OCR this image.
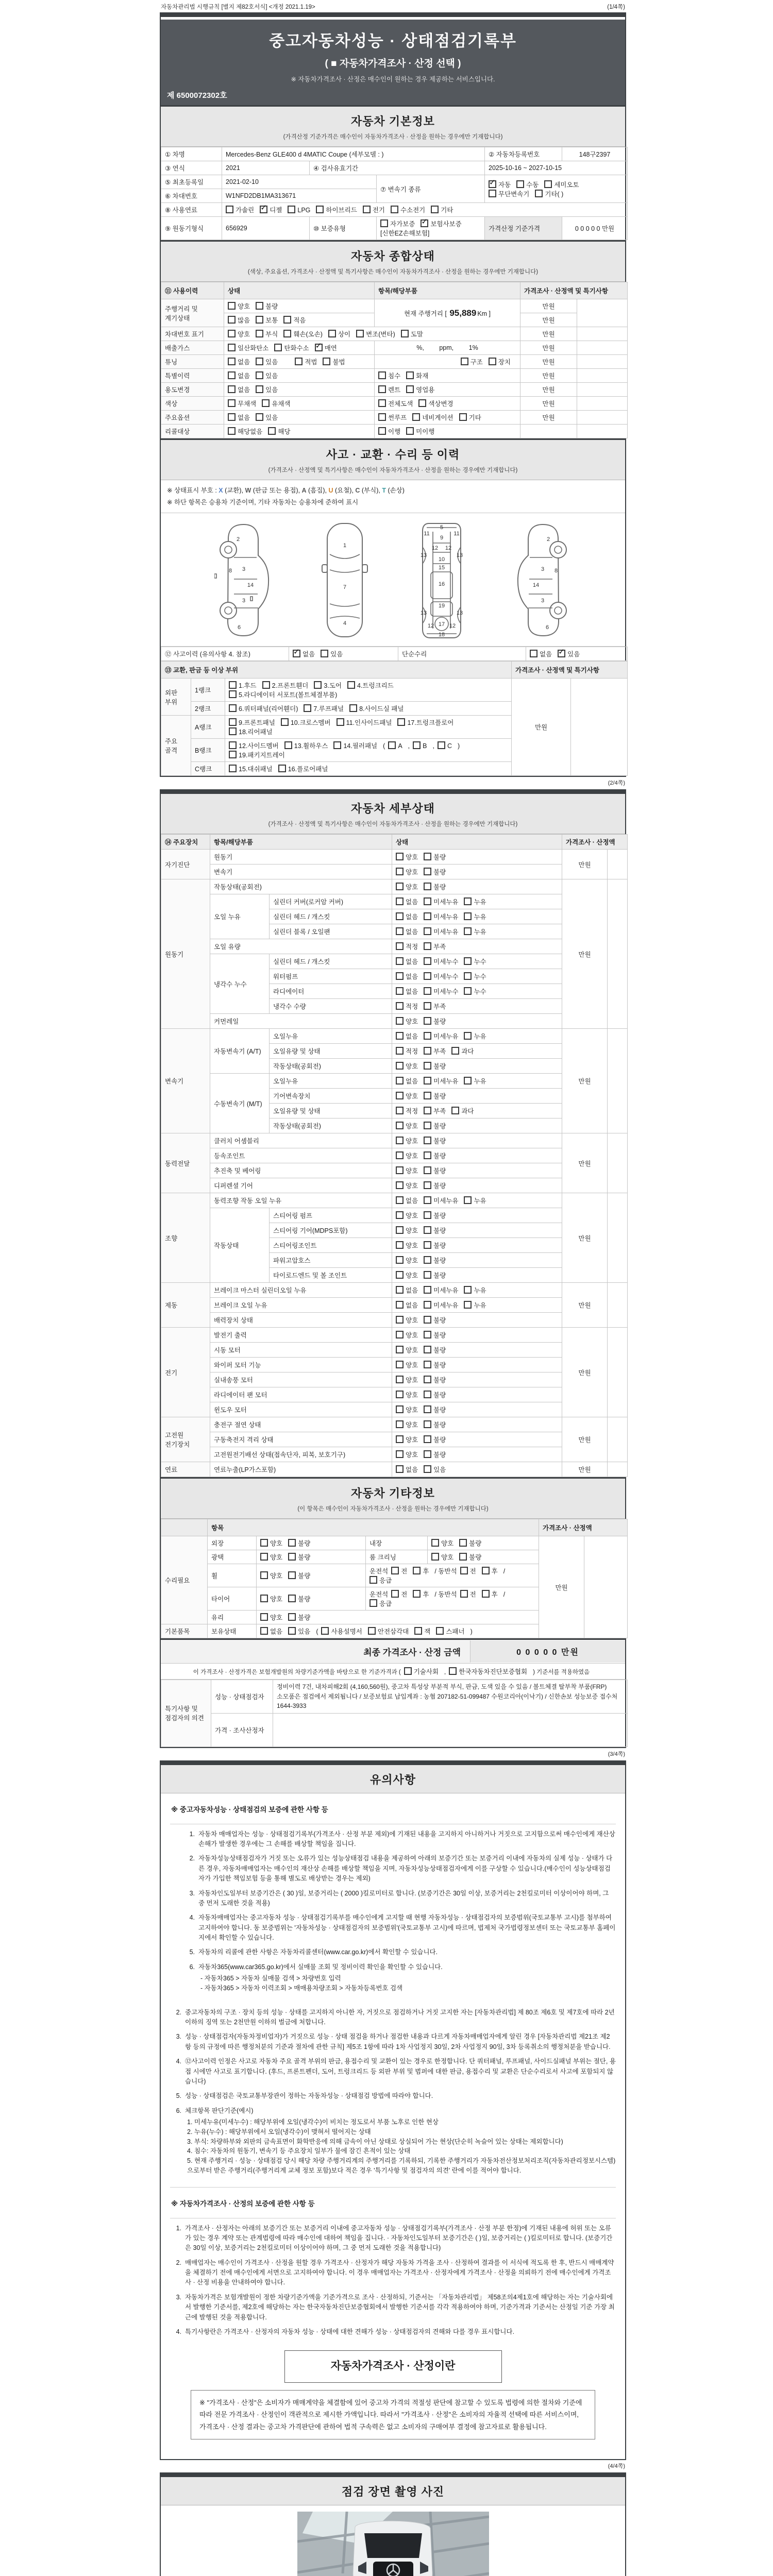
자동차관리법 시행규칙 [별지 제82호서식] <개정 2021.1.19>	(1/4쪽)
중고자동차성능 · 상태점검기록부
( ■ 자동차가격조사 · 산정 선택 )
※ 자동차가격조사 · 산정은 매수인이 원하는 경우 제공하는 서비스입니다.
제 6500072302호
자동차 기본정보
(가격산정 기준가격은 매수인이 자동차가격조사 · 산정을 원하는 경우에만 기재합니다)
① 차명	Mercedes-Benz GLE400 d 4MATIC Coupe (세부모델 : )			② 자동차등록번호	148구2397
③ 연식	2021	④ 검사유효기간		2025-10-16 ~ 2027-10-15	
⑤ 최초등록일	2021-02-10		⑦ 변속기 종류	✓자동 수동 세미오토
무단변속기 기타( )
⑥ 차대번호	W1NFD2DB1MA313671				
⑧ 사용연료	가솔린 ✓ 디젤 LPG 하이브리드 전기 수소전기 기타
⑨ 원동기형식	656929	⑩ 보증유형	자가보증 ✓ 보험사보증[신한EZ손해보험]	가격산정 기준가격	0 0 0 0 0 만원
자동차 종합상태
(색상, 주요옵션, 가격조사 · 산정액 및 특기사항은 매수인이 자동차가격조사 · 산정을 원하는 경우에만 기재합니다)
⑪ 사용이력	상태	항목/해당부품	가격조사 · 산정액 및 특기사항	
주행거리 및 계기상태	양호 불량	현재 주행거리 [ 95,889 Km ]	만원	
	많음 보통 적음		만원	
차대번호 표기	양호 부식 훼손(오손) 상이 변조(변타) 도말		만원	
배출가스	일산화탄소 탄화수소 ✓ 매연	%, ppm, 1%	만원	
튜닝	없음 있음 적법 불법	구조 장치	만원	
특별이력	없음 있음	침수 화재	만원	
용도변경	없음 있음	렌트 영업용	만원	
색상	무채색 유채색	전체도색 색상변경	만원	
주요옵션	없음 있음	썬루프 네비게이션 기타	만원	
리콜대상	해당없음 해당	이행 미이행		
사고 · 교환 · 수리 등 이력
(가격조사 · 산정액 및 특기사항은 매수인이 자동차가격조사 · 산정을 원하는 경우에만 기재합니다)
※ 상태표시 부호 : X (교환), W (판금 또는 용접), A (흠집), U (요철), C (부식), T (손상)
※ 하단 항목은 승용차 기준이며, 기타 자동차는 승용차에 준하여 표시
2
8 3
14
3
6
1
7
4
5
9
11	11
12 12
13	13
10
15
16
19
13	13
12	12
17
18
2
3 8
14
3
6
⑫ 사고이력 (유의사항 4. 참조)	✓없음 있음	단순수리	없음 ✓ 있음
⑬ 교환, 판금 등 이상 부위			가격조사 · 산정액 및 특기사항	
외판 부위	1랭크	1.후드 2.프론트휀더 3.도어 4.트렁크리드
5.라디에이터 서포트(볼트체결부품)	만원	
	2랭크	6.쿼터패널(리어휀더) 7.루프패널 8.사이드실 패널		
주요 골격	A랭크	9.프론트패널 10.크로스멤버 11.인사이드패널 17.트렁크플로어
18.리어패널		
	B랭크	12.사이드멤버 13.휠하우스 14.필러패널 ( A , B , C )
19.패키지트레이		
	C랭크	15.대쉬패널 16.플로어패널		
(2/4쪽)
자동차 세부상태
(가격조사 · 산정액 및 특기사항은 매수인이 자동차가격조사 · 산정을 원하는 경우에만 기재합니다)
⑭ 주요장치	항목/해당부품		상태	가격조사 · 산정액	
자기진단	원동기		양호 불량	만원	
	변속기		양호 불량		
원동기	작동상태(공회전)		양호 불량	만원	
	오일 누유	실린더 커버(로커암 커버)	없음 미세누유 누유		
		실린더 헤드 / 개스킷	없음 미세누유 누유		
		실린더 블록 / 오일팬	없음 미세누유 누유		
	오일 유량		적정 부족		
	냉각수 누수	실린더 헤드 / 개스킷	없음 미세누수 누수		
		워터펌프	없음 미세누수 누수		
		라디에이터	없음 미세누수 누수		
		냉각수 수량	적정 부족		
	커먼레일		양호 불량		
변속기	자동변속기 (A/T)	오일누유	없음 미세누유 누유	만원	
		오일유량 및 상태	적정 부족 과다		
		작동상태(공회전)	양호 불량		
	수동변속기 (M/T)	오일누유	없음 미세누유 누유		
		기어변속장치	양호 불량		
		오일유량 및 상태	적정 부족 과다		
		작동상태(공회전)	양호 불량		
동력전달	클러치 어셈블리		양호 불량	만원	
	등속조인트		양호 불량		
	추진축 및 베어링		양호 불량		
	디퍼렌셜 기어		양호 불량		
조향	동력조향 작동 오일 누유		없음 미세누유 누유	만원	
	작동상태	스티어링 펌프	양호 불량		
		스티어링 기어(MDPS포함)	양호 불량		
		스티어링조인트	양호 불량		
		파워고압호스	양호 불량		
		타이로드엔드 및 볼 조인트	양호 불량		
제동	브레이크 마스터 실린더오일 누유		없음 미세누유 누유	만원	
	브레이크 오일 누유		없음 미세누유 누유		
	배력장치 상태		양호 불량		
전기	발전기 출력		양호 불량	만원	
	시동 모터		양호 불량		
	와이퍼 모터 기능		양호 불량		
	실내송풍 모터		양호 불량		
	라디에이터 팬 모터		양호 불량		
	윈도우 모터		양호 불량		
고전원 전기장치	충전구 절연 상태		양호 불량	만원	
	구동축전지 격리 상태		양호 불량		
	고전원전기배선 상태(접속단자, 피복, 보호기구)		양호 불량		
연료	연료누출(LP가스포함)		없음 있음	만원	
자동차 기타정보
(이 항목은 매수인이 자동차가격조사 · 산정을 원하는 경우에만 기재합니다)
	항목				가격조사 · 산정액	
수리필요	외장	양호 불량	내장	양호 불량	만원	
	광택	양호 불량	룸 크리닝	양호 불량		
	휠	양호 불량	운전석 전 후 / 동반석 전 후 /응급			
	타이어	양호 불량	운전석 전 후 / 동반석 전 후 /응급			
	유리	양호 불량				
기본품목	보유상태	없음 있음 ( 사용설명서 안전삼각대 잭 스패너 )				
최종 가격조사 · 산정 금액	0 0 0 0 0 만원
이 가격조사 · 산정가격은 보험개발원의 차량기준가액을 바탕으로 한 기준가격과 ( 기술사회 , 한국자동차진단보증협회 ) 기준서를 적용하였음
특기사항 및 점검자의 의견	성능 · 상태점검자	정비이력 7건, 내차피해2회 (4,160,560원), 중고차 특성상 부분적 부식, 판금, 도색 있을 수 있음 / 볼트체결 탈부착 부품(FRP)소모품은 점검에서 제외됩니다 / 보증보험료 납입계좌 : 농협 207182-51-099487 수원코리아(이낙기) / 신한손보 성능보증 접수처 1644-3933
	가격 · 조사산정자	
(3/4쪽)
유의사항
※ 중고자동차성능 · 상태점검의 보증에 관한 사항 등
1. 자동차 매매업자는 성능 · 상태점검기록부(가격조사 · 산정 부분 제외)에 기재된 내용을 고지하지 아니하거나 거짓으로 고지함으로써 매수인에게 재산상 손해가 발생한 경우에는 그 손해를 배상할 책임을 집니다.
2. 자동차성능상태점검자가 거짓 또는 오류가 있는 성능상태점검 내용을 제공하여 아래의 보증기간 또는 보증거리 이내에 자동차의 실제 성능 · 상태가 다른 경우, 자동차매매업자는 매수인의 재산상 손해를 배상할 책임을 지며, 자동차성능상태점검자에게 이를 구상할 수 있습니다.(매수인이 성능상태점검자가 가입한 책임보험 등을 통해 별도로 배상받는 경우는 제외)
3. 자동차인도일부터 보증기간은 ( 30 )일, 보증거리는 ( 2000 )킬로미터로 합니다. (보증기간은 30일 이상, 보증거리는 2천킬로미터 이상이어야 하며, 그 중 먼저 도래한 것을 적용)
4. 자동차매매업자는 중고자동차 성능 · 상태점검기록부를 매수인에게 고지할 때 현행 자동차성능 · 상태점검자의 보증범위(국토교통부 고시)를 첨부하여 고지하여야 합니다. 동 보증범위는 '자동차성능 · 상태점검자의 보증범위'(국토교통부 고시)에 따르며, 법제처 국가법령정보센터 또는 국토교통부 홈페이지에서 확인할 수 있습니다.
5. 자동차의 리콜에 관한 사항은 자동차리콜센터(www.car.go.kr)에서 확인할 수 있습니다.
6. 자동차365(www.car365.go.kr)에서 실매물 조회 및 정비이력 확인을 확인할 수 있습니다.
- 자동차365 > 자동차 실매물 검색 > 차량번호 입력
- 자동차365 > 자동차 이력조회 > 매매용차량조회 > 자동차등록번호 검색
2. 중고자동차의 구조 · 장치 등의 성능 · 상태를 고지하지 아니한 자, 거짓으로 점검하거나 거짓 고지한 자는 [자동차관리법] 제 80조 제6호 및 제7호에 따라 2년 이하의 징역 또는 2천만원 이하의 벌금에 처합니다.
3. 성능 · 상태점검자(자동차정비업자)가 거짓으로 성능 · 상태 점검을 하거나 점검한 내용과 다르게 자동차매매업자에게 알린 경우 [자동차관리법 제21조 제2항 등의 규정에 따른 행정처분의 기준과 절차에 관한 규칙] 제5조 1항에 따라 1차 사업정지 30일, 2차 사업정지 90일, 3차 등록취소의 행정처분을 받습니다.
4. ⑫사고이력 인정은 사고로 자동차 주요 골격 부위의 판금, 용접수리 및 교환이 있는 경우로 한정합니다. 단 쿼터패널, 루프패널, 사이드실패널 부위는 절단, 용접 시에만 사고로 표기합니다. (후드, 프론트펜더, 도어, 트렁크리드 등 외판 부위 및 범퍼에 대한 판금, 용접수리 및 교환은 단순수리로서 사고에 포함되지 않습니다)
5. 성능 · 상태점검은 국토교통부장관이 정하는 자동차성능 · 상태점검 방법에 따라야 합니다.
6. 체크항목 판단기준(예시)
1. 미세누유(미세누수) : 해당부위에 오일(냉각수)이 비치는 정도로서 부품 노후로 인한 현상
2. 누유(누수) : 해당부위에서 오일(냉각수)이 맺혀서 떨어지는 상태
3. 부식: 차량하부와 외판의 금속표면이 화학반응에 의해 금속이 아닌 상태로 상실되어 가는 현상(단순히 녹슬어 있는 상태는 제외합니다)
4. 침수: 자동차의 원동기, 변속기 등 주요장치 일부가 물에 잠긴 흔적이 있는 상태
5. 현재 주행거리 · 성능 · 상태점검 당시 해당 차량 주행거리계의 주행거리를 기록하되, 기록한 주행거리가 자동차전산정보처리조직(자동차관리정보시스템)으로부터 받은 주행거리(주행거리계 교체 정보 포함)보다 적은 경우 '특기사항 및 점검자의 의견' 란에 이를 적어야 합니다.
※ 자동차가격조사 · 산정의 보증에 관한 사항 등
1. 가격조사 · 산정자는 아래의 보증기간 또는 보증거리 이내에 중고자동차 성능 · 상태점검기록부(가격조사 · 산정 부분 한정)에 기재된 내용에 허위 또는 오류가 있는 경우 계약 또는 관계법령에 따라 매수인에 대하여 책임을 집니다. · 자동차인도일부터 보증기간은 ( )일, 보증거리는 ( )킬로미터로 합니다. (보증기간은 30일 이상, 보증거리는 2천킬로미터 이상이어야 하며, 그 중 먼저 도래한 것을 적용합니다)
2. 매매업자는 매수인이 가격조사 · 산정을 원할 경우 가격조사 · 산정자가 해당 자동차 가격을 조사 · 산정하여 결과를 이 서식에 적도록 한 후, 반드시 매매계약을 체결하기 전에 매수인에게 서면으로 고지하여야 합니다. 이 경우 매매업자는 가격조사 · 산정자에게 가격조사 · 산정을 의뢰하기 전에 매수인에게 가격조사 · 산정 비용을 안내하여야 합니다.
3. 자동차가격은 보험개발원이 정한 차량기준가액을 기준가격으로 조사 · 산정하되, 기준서는 「자동차관리법」 제58조의4제1호에 해당하는 자는 기술사회에서 발행한 기준서를, 제2호에 해당하는 자는 한국자동차진단보증협회에서 발행한 기준서를 각각 적용하여야 하며, 기준가격과 기준서는 산정일 기준 가장 최근에 발행된 것을 적용합니다.
4. 특기사항란은 가격조사 · 산정자의 자동차 성능 · 상태에 대한 견해가 성능 · 상태점검자의 견해와 다를 경우 표시합니다.
자동차가격조사 · 산정이란
※ "가격조사 · 산정"은 소비자가 매매계약을 체결함에 있어 중고차 가격의 적절성 판단에 참고할 수 있도록 법령에 의한 절차와 기준에 따라 전문 가격조사 · 산정인이 객관적으로 제시한 가액입니다. 따라서 "가격조사 · 산정"은 소비자의 자율적 선택에 따른 서비스이며, 가격조사 · 산정 결과는 중고차 가격판단에 관하여 법적 구속력은 없고 소비자의 구매여부 결정에 참고자료로 활용됩니다.
(4/4쪽)
점검 장면 촬영 사진
